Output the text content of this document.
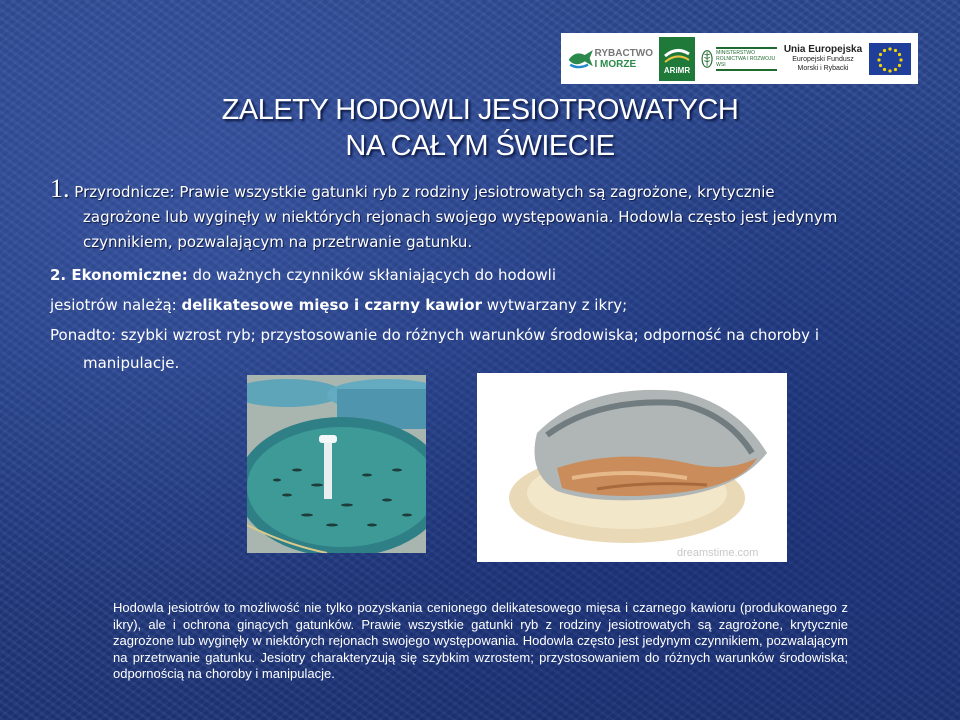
RYBACTWO
I MORZE
ARiMR
MINISTERSTWO ROLNICTWA I ROZWOJU WSI
Unia Europejska
Europejski Fundusz
Morski i Rybacki
ZALETY HODOWLI JESIOTROWATYCH
NA CAŁYM ŚWIECIE
1. Przyrodnicze: Prawie wszystkie gatunki ryb z rodziny jesiotrowatych są zagrożone, krytycznie
zagrożone lub wyginęły w niektórych rejonach swojego występowania. Hodowla często jest jedynym
czynnikiem, pozwalającym na przetrwanie gatunku.
2. Ekonomiczne: do ważnych czynników skłaniających do hodowli
jesiotrów należą: delikatesowe mięso i czarny kawior wytwarzany z ikry;
Ponadto: szybki wzrost ryb; przystosowanie do różnych warunków środowiska; odporność na choroby i
manipulacje.
dreamstime.com
Hodowla jesiotrów to możliwość nie tylko pozyskania cenionego delikatesowego mięsa i czarnego kawioru (produkowanego z ikry), ale i ochrona ginących gatunków. Prawie wszystkie gatunki ryb z rodziny jesiotrowatych są zagrożone, krytycznie zagrożone lub wyginęły w niektórych rejonach swojego występowania. Hodowla często jest jedynym czynnikiem, pozwalającym na przetrwanie gatunku. Jesiotry charakteryzują się szybkim wzrostem; przystosowaniem do różnych warunków środowiska; odpornością na choroby i manipulacje.
